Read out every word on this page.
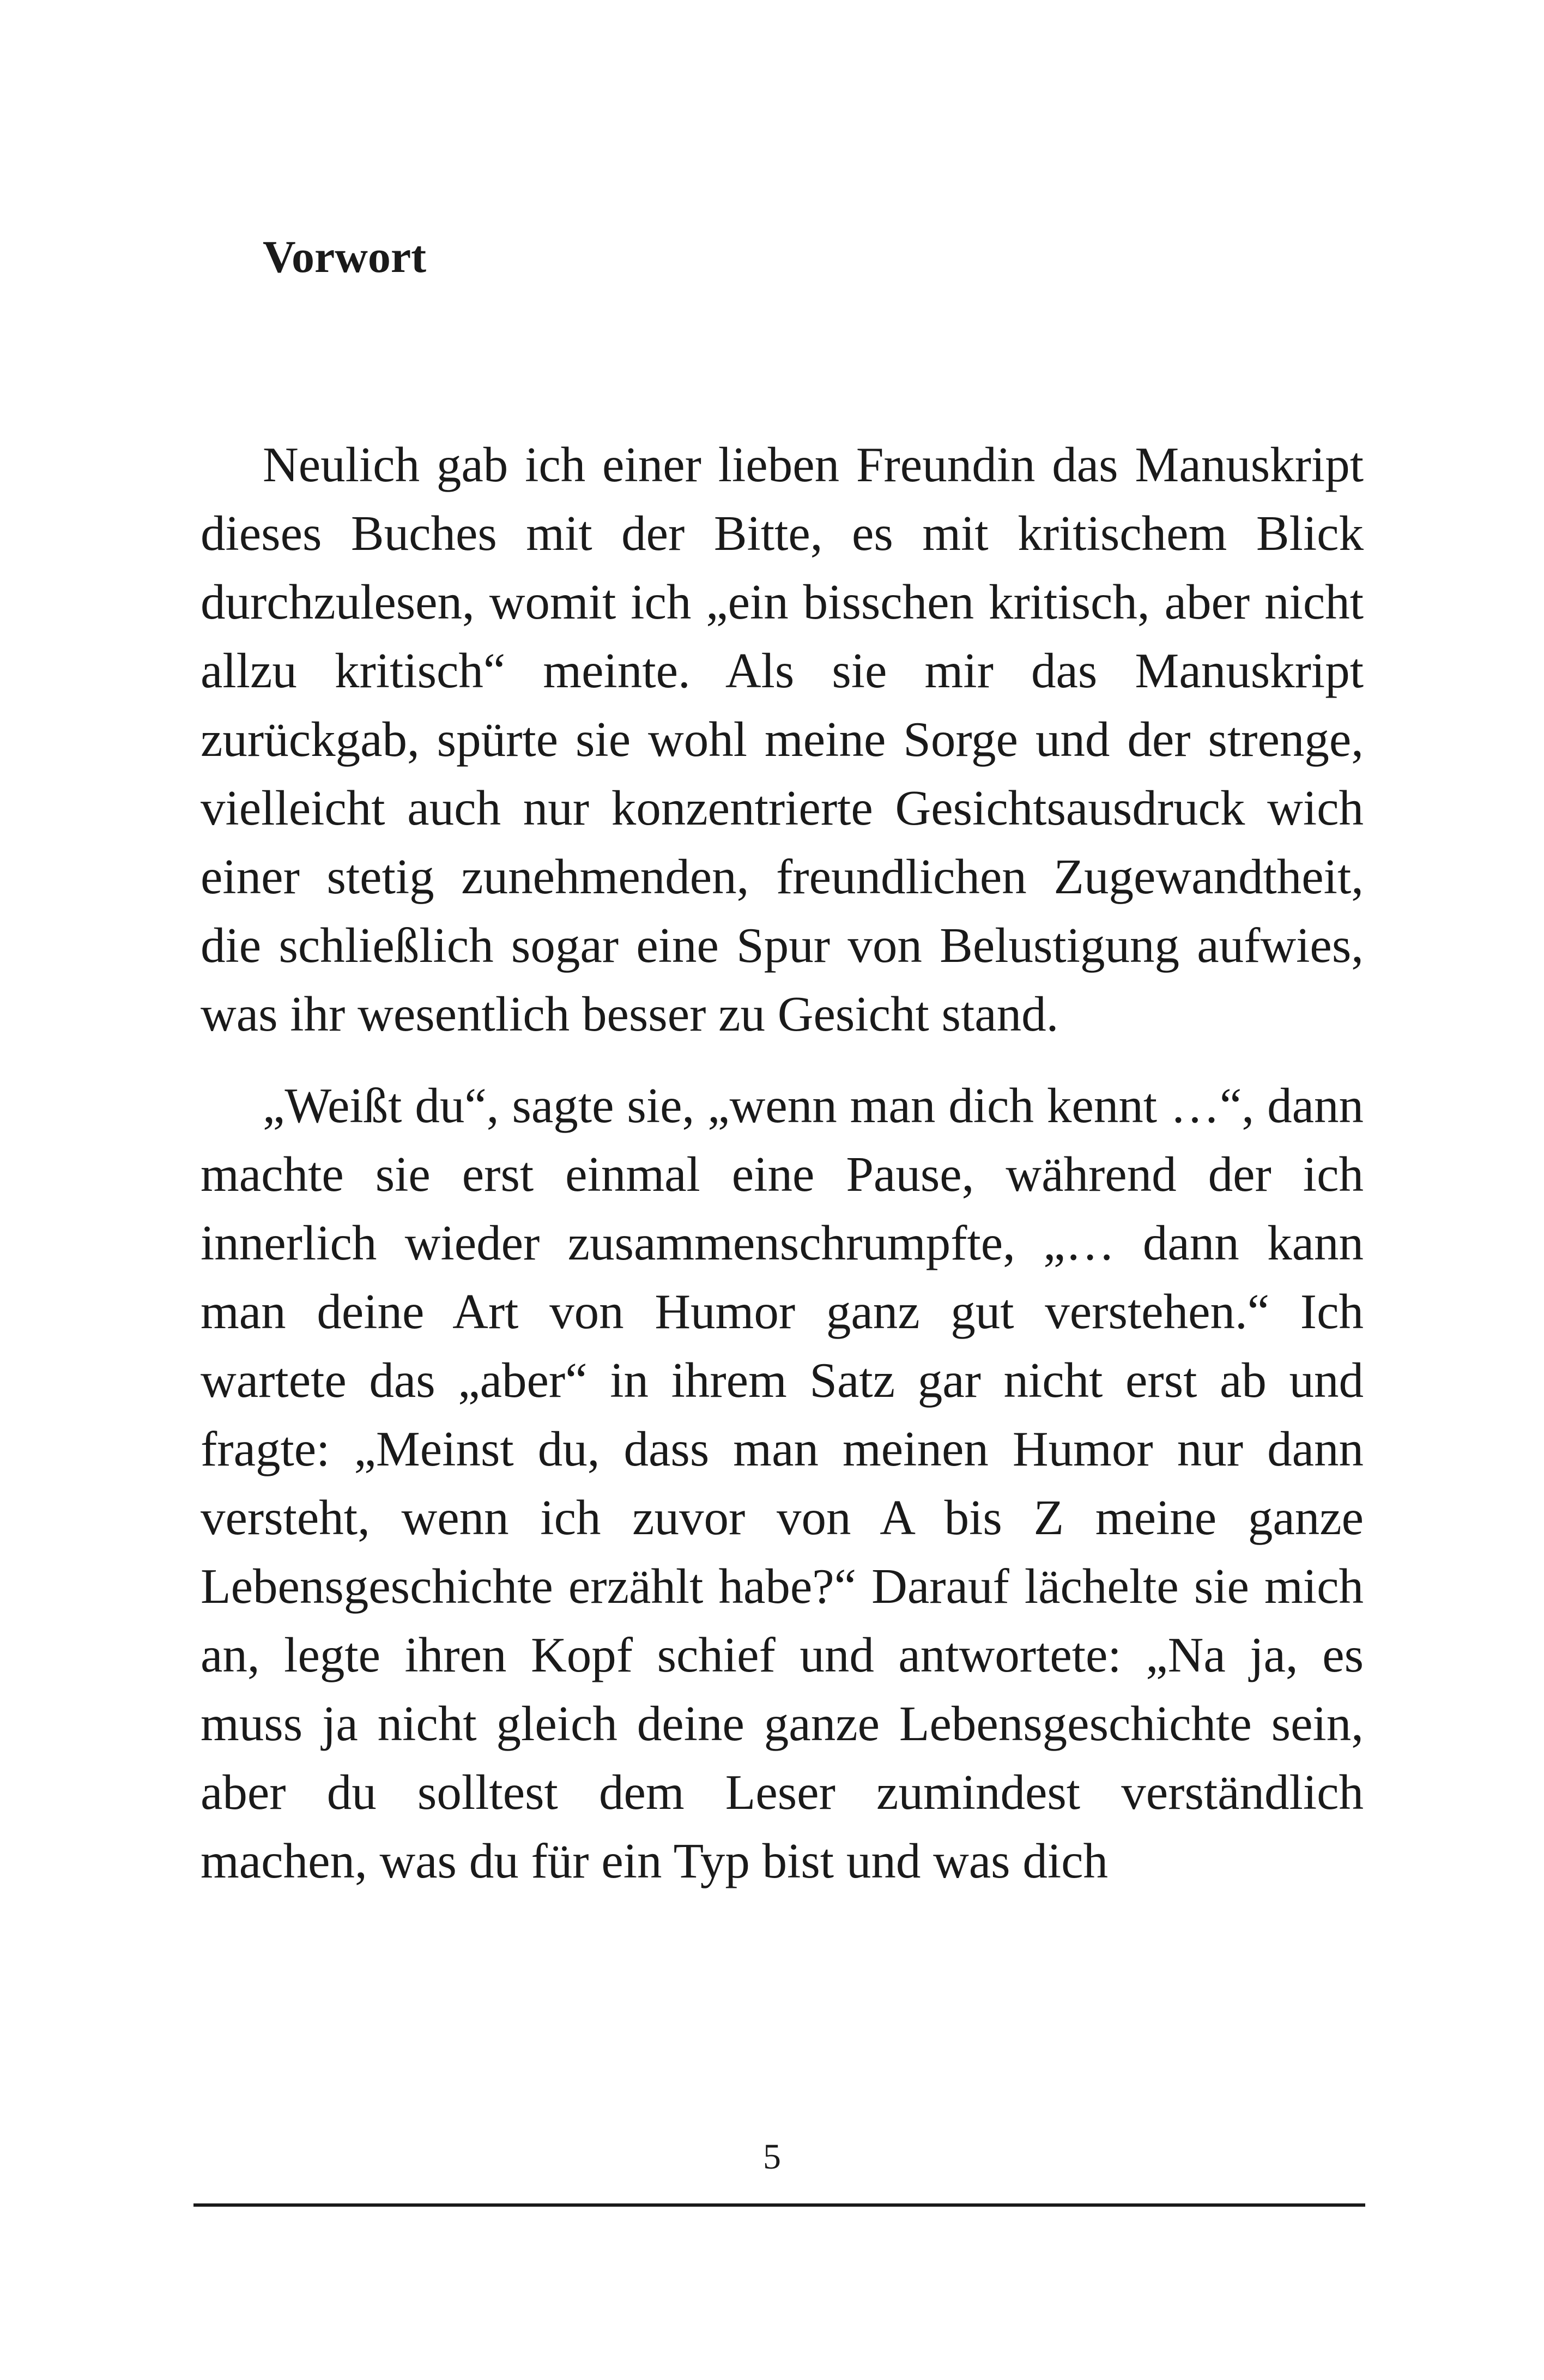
Vorwort

Neulich gab ich einer lieben Freundin das Manuskript dieses Buches mit der Bitte, es mit kritischem Blick durchzulesen, womit ich „ein bisschen kritisch, aber nicht allzu kritisch“ meinte. Als sie mir das Manuskript zurückgab, spürte sie wohl meine Sorge und der strenge, vielleicht auch nur konzentrierte Gesichtsausdruck wich einer stetig zunehmenden, freundlichen Zugewandtheit, die schließlich sogar eine Spur von Belustigung aufwies, was ihr wesentlich besser zu Gesicht stand.

„Weißt du“, sagte sie, „wenn man dich kennt …“, dann machte sie erst einmal eine Pause, während der ich innerlich wieder zusammenschrumpfte, „… dann kann man deine Art von Humor ganz gut verstehen.“ Ich wartete das „aber“ in ihrem Satz gar nicht erst ab und fragte: „Meinst du, dass man meinen Humor nur dann versteht, wenn ich zuvor von A bis Z meine ganze Lebensgeschichte erzählt habe?“ Darauf lächelte sie mich an, legte ihren Kopf schief und antwortete: „Na ja, es muss ja nicht gleich deine ganze Lebensgeschichte sein, aber du solltest dem Leser zumindest verständlich machen, was du für ein Typ bist und was dich

5
